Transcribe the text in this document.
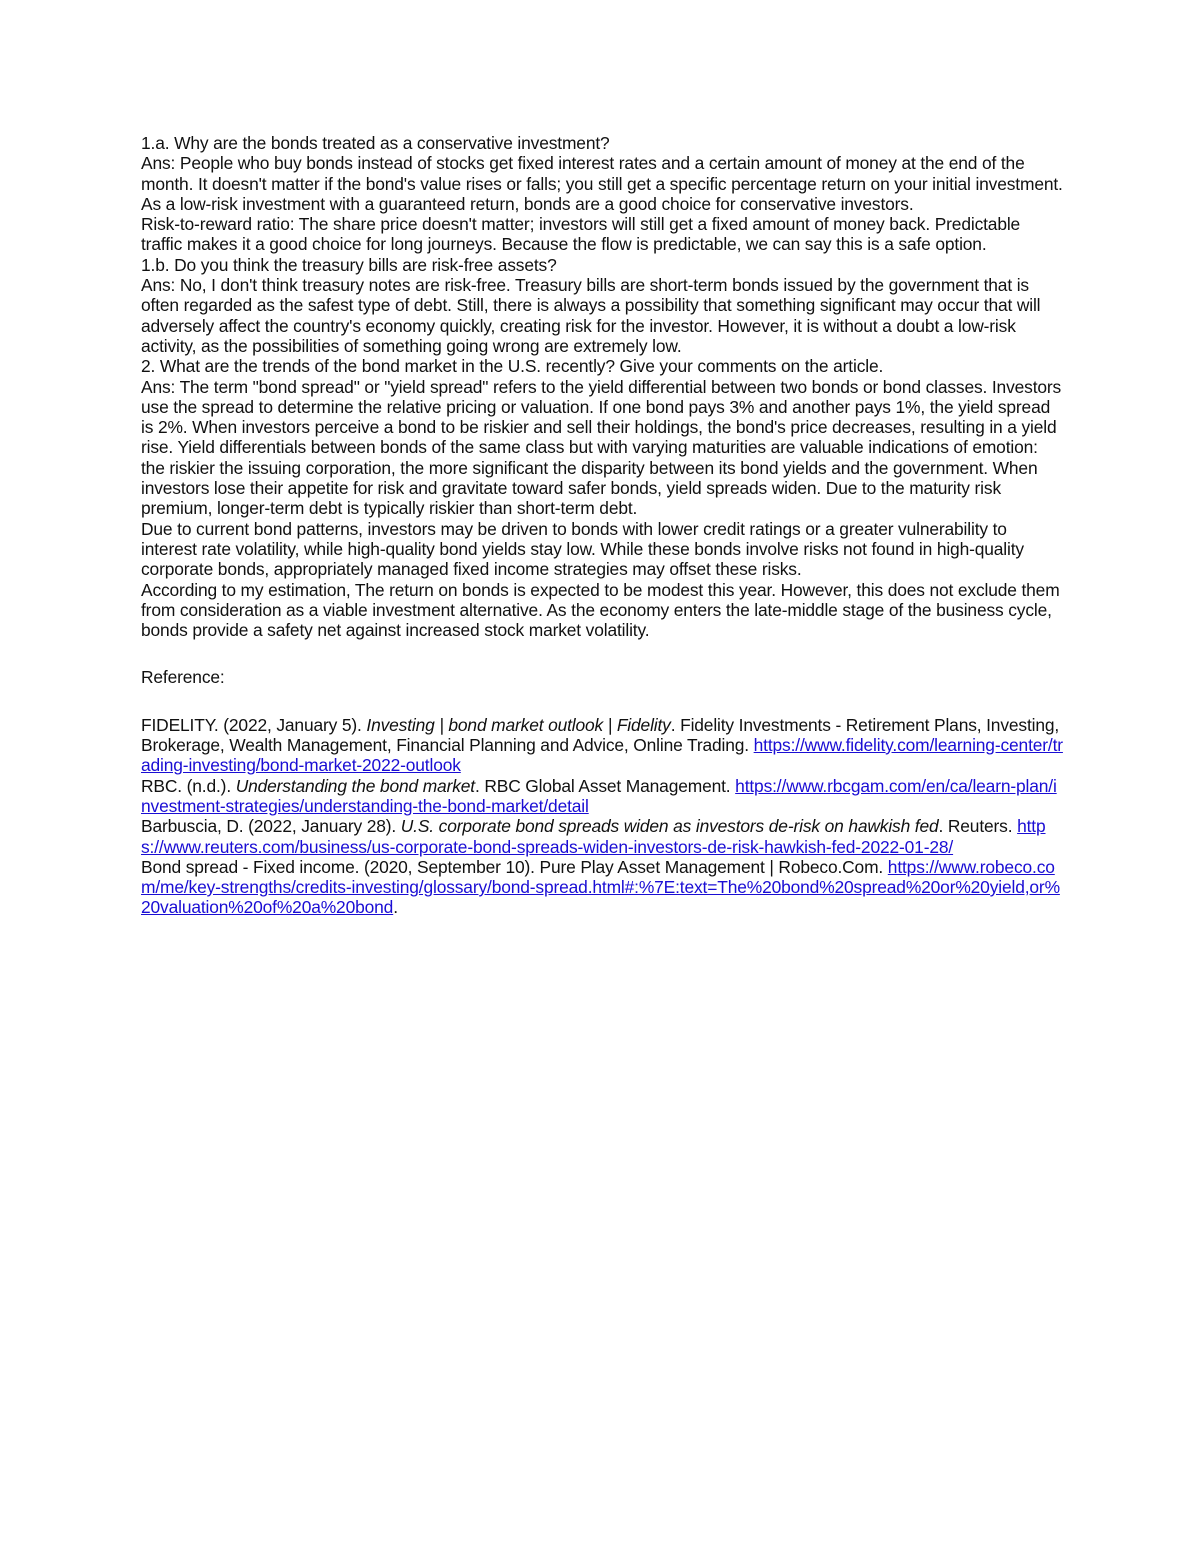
1.a. Why are the bonds treated as a conservative investment?
Ans: People who buy bonds instead of stocks get fixed interest rates and a certain amount of money at the end of the month. It doesn't matter if the bond's value rises or falls; you still get a specific percentage return on your initial investment. As a low-risk investment with a guaranteed return, bonds are a good choice for conservative investors.
Risk-to-reward ratio: The share price doesn't matter; investors will still get a fixed amount of money back. Predictable traffic makes it a good choice for long journeys. Because the flow is predictable, we can say this is a safe option.
1.b. Do you think the treasury bills are risk-free assets?
Ans: No, I don't think treasury notes are risk-free. Treasury bills are short-term bonds issued by the government that is often regarded as the safest type of debt. Still, there is always a possibility that something significant may occur that will adversely affect the country's economy quickly, creating risk for the investor. However, it is without a doubt a low-risk activity, as the possibilities of something going wrong are extremely low.
2. What are the trends of the bond market in the U.S. recently? Give your comments on the article.
Ans: The term "bond spread" or "yield spread" refers to the yield differential between two bonds or bond classes. Investors use the spread to determine the relative pricing or valuation. If one bond pays 3% and another pays 1%, the yield spread is 2%. When investors perceive a bond to be riskier and sell their holdings, the bond's price decreases, resulting in a yield rise. Yield differentials between bonds of the same class but with varying maturities are valuable indications of emotion: the riskier the issuing corporation, the more significant the disparity between its bond yields and the government. When investors lose their appetite for risk and gravitate toward safer bonds, yield spreads widen. Due to the maturity risk premium, longer-term debt is typically riskier than short-term debt.
Due to current bond patterns, investors may be driven to bonds with lower credit ratings or a greater vulnerability to interest rate volatility, while high-quality bond yields stay low. While these bonds involve risks not found in high-quality corporate bonds, appropriately managed fixed income strategies may offset these risks.
According to my estimation, The return on bonds is expected to be modest this year. However, this does not exclude them from consideration as a viable investment alternative. As the economy enters the late-middle stage of the business cycle, bonds provide a safety net against increased stock market volatility.
Reference:
FIDELITY. (2022, January 5). Investing | bond market outlook | Fidelity. Fidelity Investments - Retirement Plans, Investing, Brokerage, Wealth Management, Financial Planning and Advice, Online Trading. https://www.fidelity.com/learning-center/trading-investing/bond-market-2022-outlook
RBC. (n.d.). Understanding the bond market. RBC Global Asset Management. https://www.rbcgam.com/en/ca/learn-plan/investment-strategies/understanding-the-bond-market/detail
Barbuscia, D. (2022, January 28). U.S. corporate bond spreads widen as investors de-risk on hawkish fed. Reuters. https://www.reuters.com/business/us-corporate-bond-spreads-widen-investors-de-risk-hawkish-fed-2022-01-28/
Bond spread - Fixed income. (2020, September 10). Pure Play Asset Management | Robeco.Com. https://www.robeco.com/me/key-strengths/credits-investing/glossary/bond-spread.html#:%7E:text=The%20bond%20spread%20or%20yield,or%20valuation%20of%20a%20bond.
